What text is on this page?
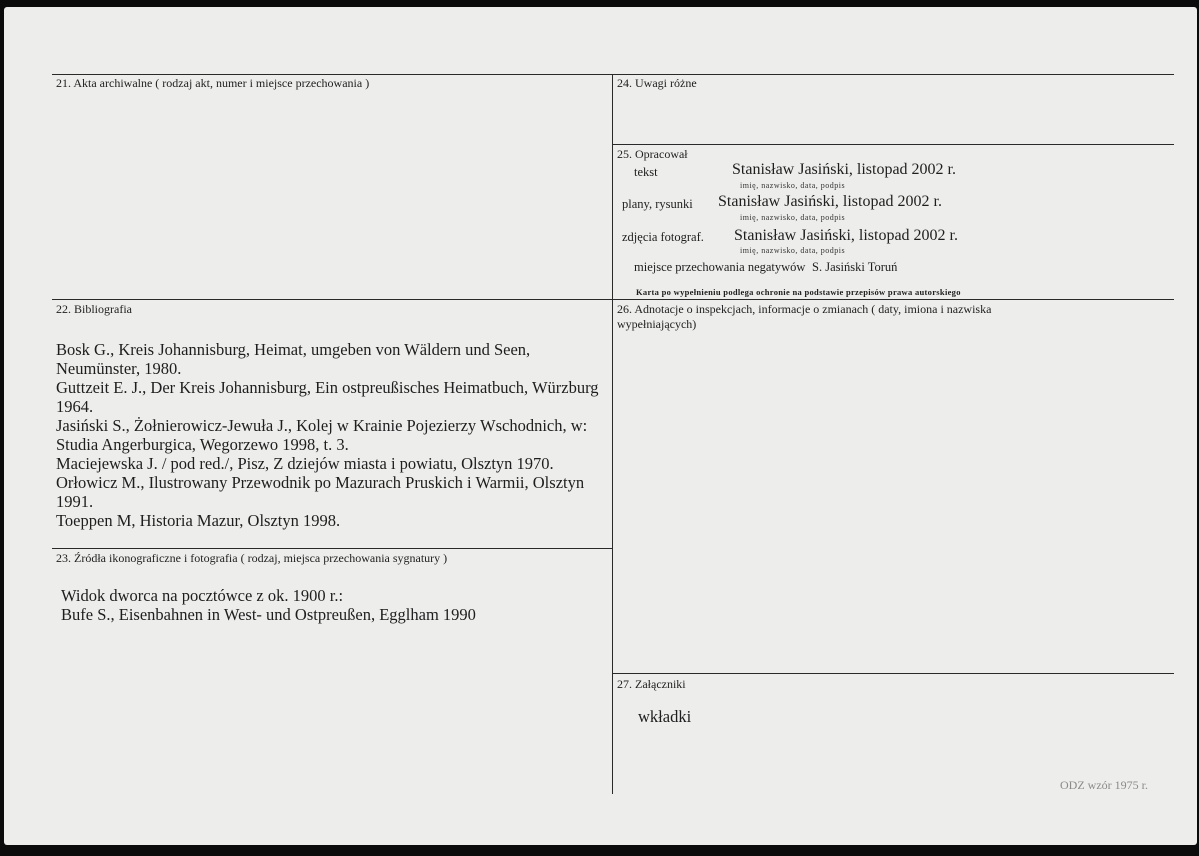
21. Akta archiwalne ( rodzaj akt, numer i miejsce przechowania )
22. Bibliografia
Bosk G., Kreis Johannisburg, Heimat, umgeben von Wäldern und Seen,
Neumünster, 1980.
Guttzeit E. J., Der Kreis Johannisburg, Ein ostpreußisches Heimatbuch, Würzburg
1964.
Jasiński S., Żołnierowicz-Jewuła J., Kolej w Krainie Pojezierzy Wschodnich, w:
Studia Angerburgica, Wegorzewo 1998, t. 3.
Maciejewska J. / pod red./, Pisz, Z dziejów miasta i powiatu, Olsztyn 1970.
Orłowicz M., Ilustrowany Przewodnik po Mazurach Pruskich i Warmii, Olsztyn
1991.
Toeppen M, Historia Mazur, Olsztyn 1998.
23. Źródła ikonograficzne i fotografia ( rodzaj, miejsca przechowania sygnatury )
Widok dworca na pocztówce z ok. 1900 r.:
Bufe S., Eisenbahnen in West- und Ostpreußen, Egglham 1990
24. Uwagi różne
25. Opracował
tekst	Stanisław Jasiński, listopad 2002 r.
imię, nazwisko, data, podpis
plany, rysunki Stanisław Jasiński, listopad 2002 r.
imię, nazwisko, data, podpis
zdjęcia fotograf. Stanisław Jasiński, listopad 2002 r.
imię, nazwisko, data, podpis
miejsce przechowania negatywów S. Jasiński Toruń
Karta po wypełnieniu podlega ochronie na podstawie przepisów prawa autorskiego
26. Adnotacje o inspekcjach, informacje o zmianach ( daty, imiona i nazwiska
wypełniających)
27. Załączniki
wkładki
ODZ wzór 1975 r.
